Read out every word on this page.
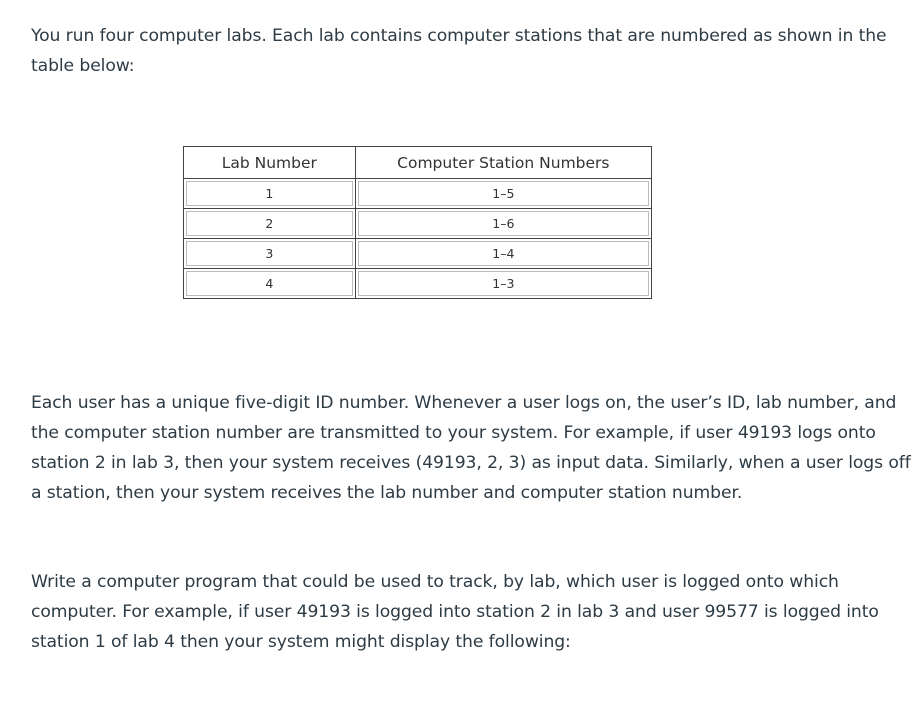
You run four computer labs. Each lab contains computer stations that are numbered as shown in the table below:

Lab Number	Computer Station Numbers
1	1–5
2	1–6
3	1–4
4	1–3

Each user has a unique five-digit ID number. Whenever a user logs on, the user’s ID, lab number, and the computer station number are transmitted to your system. For example, if user 49193 logs onto station 2 in lab 3, then your system receives (49193, 2, 3) as input data. Similarly, when a user logs off a station, then your system receives the lab number and computer station number.

Write a computer program that could be used to track, by lab, which user is logged onto which computer. For example, if user 49193 is logged into station 2 in lab 3 and user 99577 is logged into station 1 of lab 4 then your system might display the following:
